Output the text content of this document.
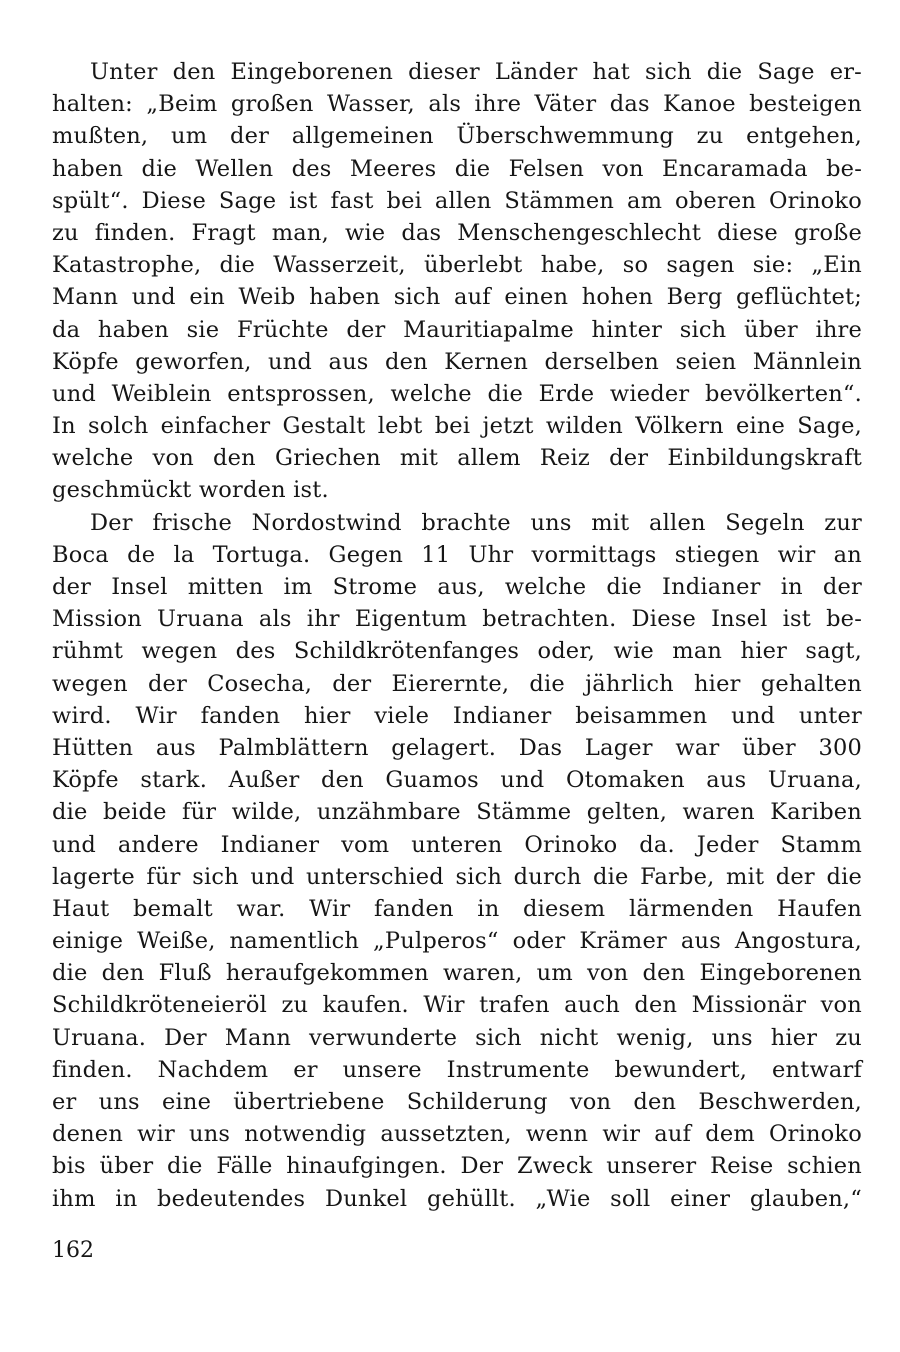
Unter den Eingeborenen dieser Länder hat sich die Sage er-
halten: „Beim großen Wasser, als ihre Väter das Kanoe besteigen
mußten, um der allgemeinen Überschwemmung zu entgehen,
haben die Wellen des Meeres die Felsen von Encaramada be-
spült“. Diese Sage ist fast bei allen Stämmen am oberen Orinoko
zu finden. Fragt man, wie das Menschengeschlecht diese große
Katastrophe, die Wasserzeit, überlebt habe, so sagen sie: „Ein
Mann und ein Weib haben sich auf einen hohen Berg geflüchtet;
da haben sie Früchte der Mauritiapalme hinter sich über ihre
Köpfe geworfen, und aus den Kernen derselben seien Männlein
und Weiblein entsprossen, welche die Erde wieder bevölkerten“.
In solch einfacher Gestalt lebt bei jetzt wilden Völkern eine Sage,
welche von den Griechen mit allem Reiz der Einbildungskraft
geschmückt worden ist.
Der frische Nordostwind brachte uns mit allen Segeln zur
Boca de la Tortuga. Gegen 11 Uhr vormittags stiegen wir an
der Insel mitten im Strome aus, welche die Indianer in der
Mission Uruana als ihr Eigentum betrachten. Diese Insel ist be-
rühmt wegen des Schildkrötenfanges oder, wie man hier sagt,
wegen der Cosecha, der Eierernte, die jährlich hier gehalten
wird. Wir fanden hier viele Indianer beisammen und unter
Hütten aus Palmblättern gelagert. Das Lager war über 300
Köpfe stark. Außer den Guamos und Otomaken aus Uruana,
die beide für wilde, unzähmbare Stämme gelten, waren Kariben
und andere Indianer vom unteren Orinoko da. Jeder Stamm
lagerte für sich und unterschied sich durch die Farbe, mit der die
Haut bemalt war. Wir fanden in diesem lärmenden Haufen
einige Weiße, namentlich „Pulperos“ oder Krämer aus Angostura,
die den Fluß heraufgekommen waren, um von den Eingeborenen
Schildkröteneieröl zu kaufen. Wir trafen auch den Missionär von
Uruana. Der Mann verwunderte sich nicht wenig, uns hier zu
finden. Nachdem er unsere Instrumente bewundert, entwarf
er uns eine übertriebene Schilderung von den Beschwerden,
denen wir uns notwendig aussetzten, wenn wir auf dem Orinoko
bis über die Fälle hinaufgingen. Der Zweck unserer Reise schien
ihm in bedeutendes Dunkel gehüllt. „Wie soll einer glauben,“
162
